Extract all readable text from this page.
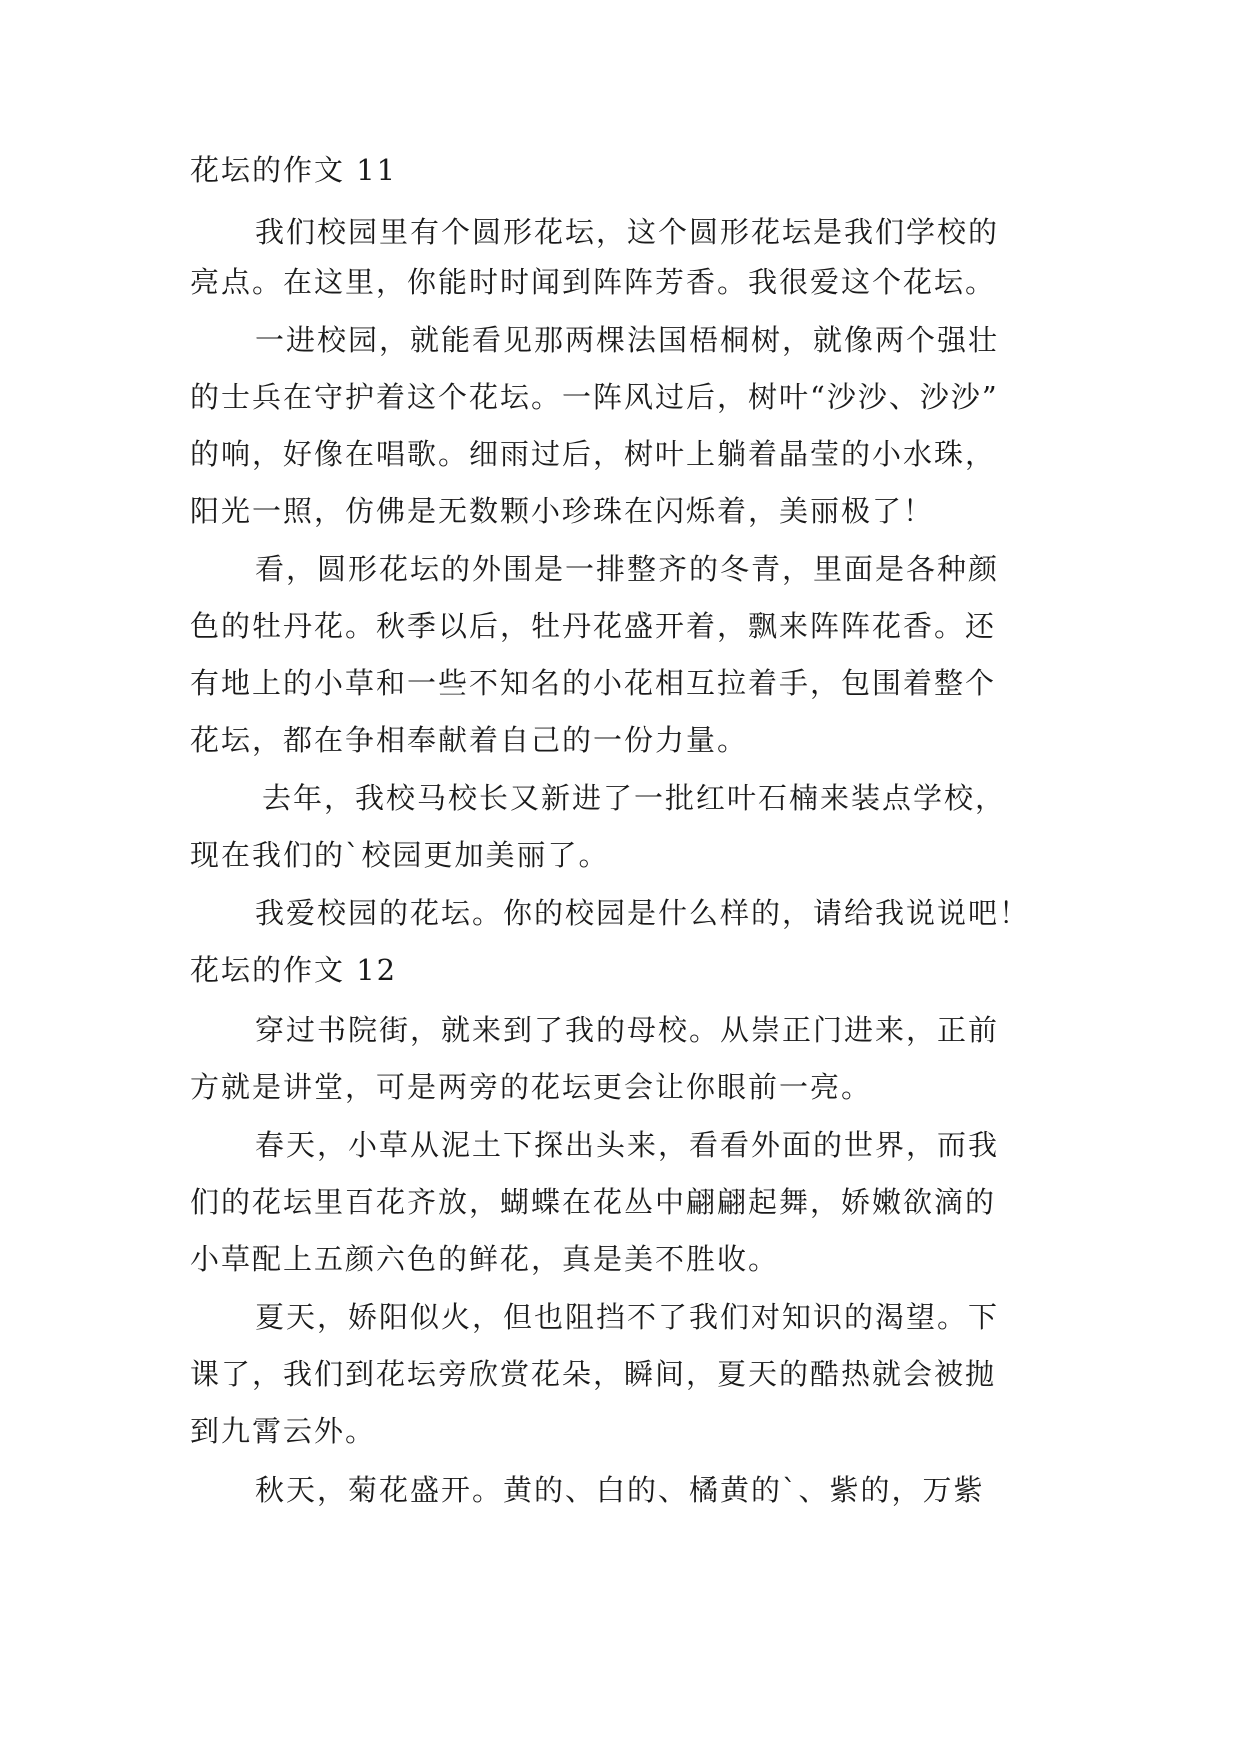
花坛的作文 11
我们校园里有个圆形花坛，这个圆形花坛是我们学校的
亮点。在这里，你能时时闻到阵阵芳香。我很爱这个花坛。
一进校园，就能看见那两棵法国梧桐树，就像两个强壮
的士兵在守护着这个花坛。一阵风过后，树叶“沙沙、沙沙”
的响，好像在唱歌。细雨过后，树叶上躺着晶莹的小水珠，
阳光一照，仿佛是无数颗小珍珠在闪烁着，美丽极了！
看，圆形花坛的外围是一排整齐的冬青，里面是各种颜
色的牡丹花。秋季以后，牡丹花盛开着，飘来阵阵花香。还
有地上的小草和一些不知名的小花相互拉着手，包围着整个
花坛，都在争相奉献着自己的一份力量。
去年，我校马校长又新进了一批红叶石楠来装点学校，
现在我们的`校园更加美丽了。
我爱校园的花坛。你的校园是什么样的，请给我说说吧！
花坛的作文 12
穿过书院街，就来到了我的母校。从崇正门进来，正前
方就是讲堂，可是两旁的花坛更会让你眼前一亮。
春天，小草从泥土下探出头来，看看外面的世界，而我
们的花坛里百花齐放，蝴蝶在花丛中翩翩起舞，娇嫩欲滴的
小草配上五颜六色的鲜花，真是美不胜收。
夏天，娇阳似火，但也阻挡不了我们对知识的渴望。下
课了，我们到花坛旁欣赏花朵，瞬间，夏天的酷热就会被抛
到九霄云外。
秋天，菊花盛开。黄的、白的、橘黄的`、紫的，万紫
